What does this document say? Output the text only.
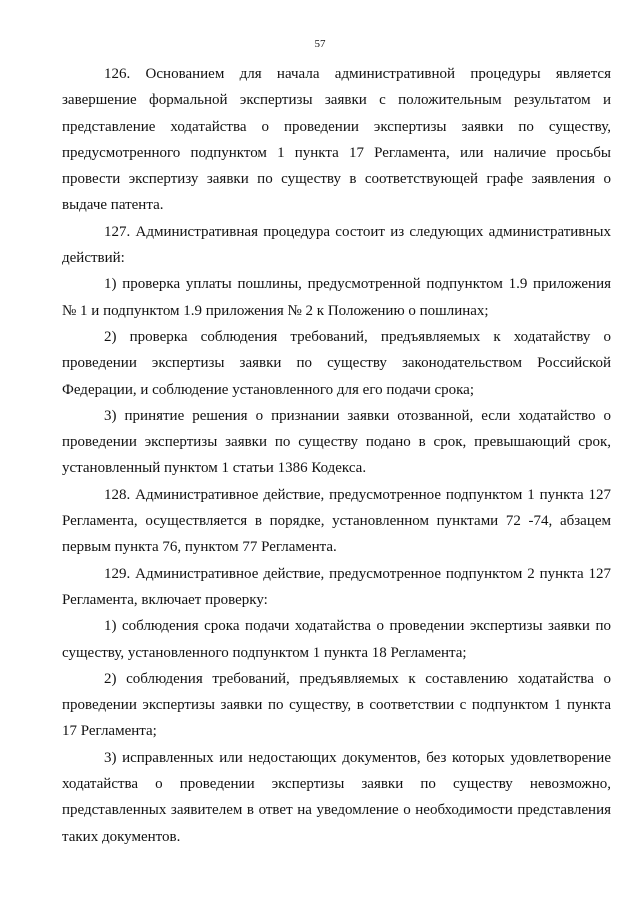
57

126. Основанием для начала административной процедуры является завершение формальной экспертизы заявки с положительным результатом и представление ходатайства о проведении экспертизы заявки по существу, предусмотренного подпунктом 1 пункта 17 Регламента, или наличие просьбы провести экспертизу заявки по существу в соответствующей графе заявления о выдаче патента.

127. Административная процедура состоит из следующих административных действий:

1) проверка уплаты пошлины, предусмотренной подпунктом 1.9 приложения № 1 и подпунктом 1.9 приложения № 2 к Положению о пошлинах;

2) проверка соблюдения требований, предъявляемых к ходатайству о проведении экспертизы заявки по существу законодательством Российской Федерации, и соблюдение установленного для его подачи срока;

3) принятие решения о признании заявки отозванной, если ходатайство о проведении экспертизы заявки по существу подано в срок, превышающий срок, установленный пунктом 1 статьи 1386 Кодекса.

128. Административное действие, предусмотренное подпунктом 1 пункта 127 Регламента, осуществляется в порядке, установленном пунктами 72 -74, абзацем первым пункта 76, пунктом 77 Регламента.

129. Административное действие, предусмотренное подпунктом 2 пункта 127 Регламента, включает проверку:

1) соблюдения срока подачи ходатайства о проведении экспертизы заявки по существу, установленного подпунктом 1 пункта 18 Регламента;

2) соблюдения требований, предъявляемых к составлению ходатайства о проведении экспертизы заявки по существу, в соответствии с подпунктом 1 пункта 17 Регламента;

3) исправленных или недостающих документов, без которых удовлетворение ходатайства о проведении экспертизы заявки по существу невозможно, представленных заявителем в ответ на уведомление о необходимости представления таких документов.
